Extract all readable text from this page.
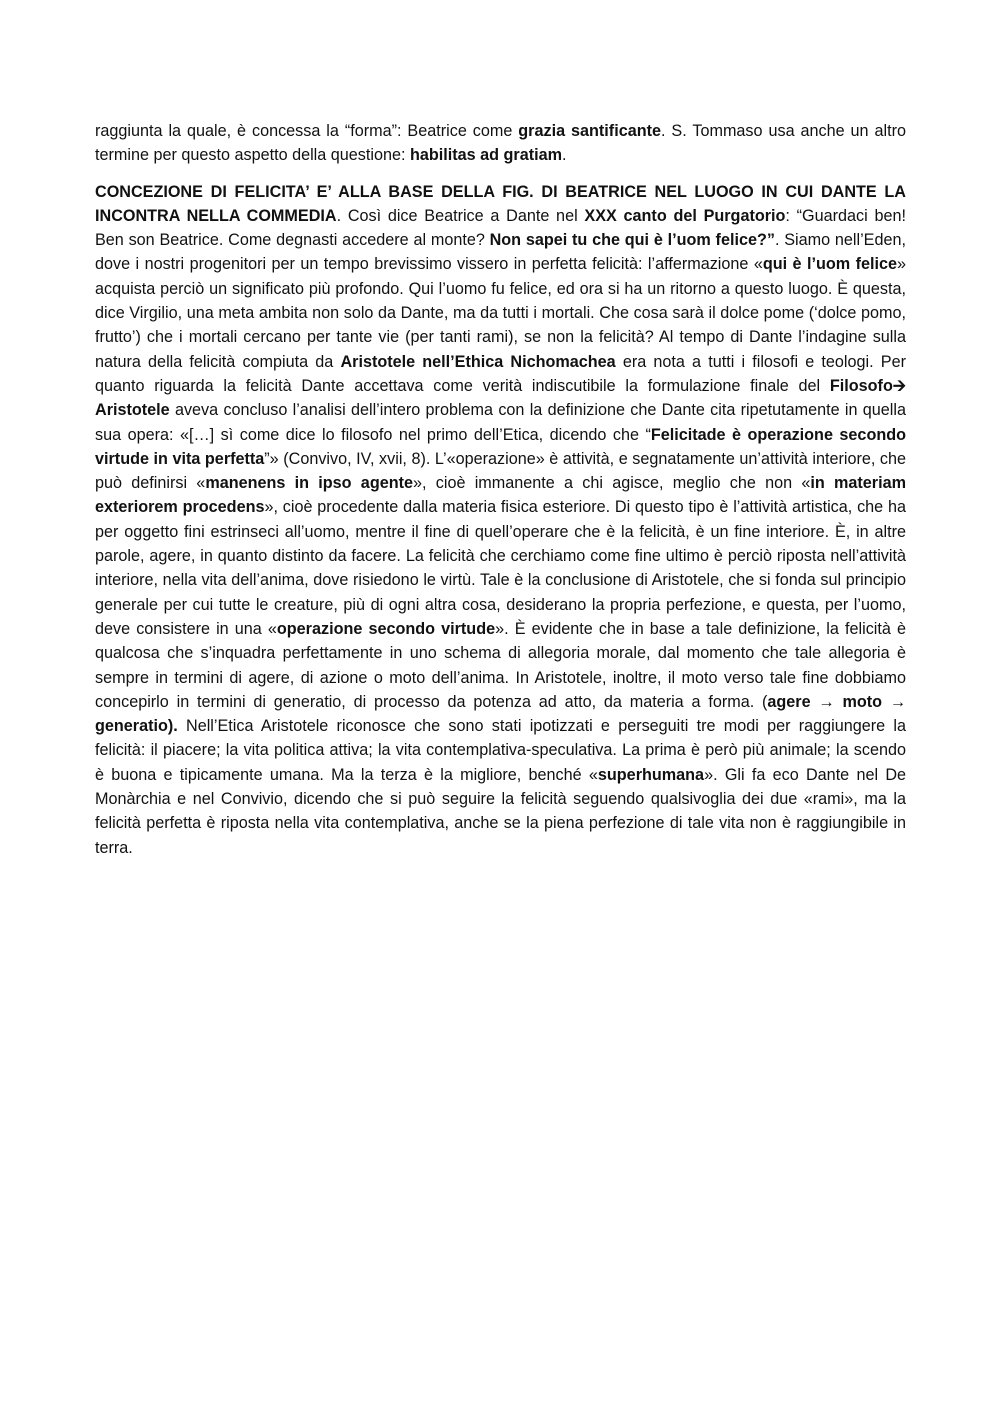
raggiunta la quale, è concessa la “forma”: Beatrice come grazia santificante. S. Tommaso usa anche un altro termine per questo aspetto della questione: habilitas ad gratiam.

CONCEZIONE DI FELICITA’ E’ ALLA BASE DELLA FIG. DI BEATRICE NEL LUOGO IN CUI DANTE LA INCONTRA NELLA COMMEDIA. Così dice Beatrice a Dante nel XXX canto del Purgatorio: “Guardaci ben! Ben son Beatrice. Come degnasti accedere al monte? Non sapei tu che qui è l’uom felice?”. Siamo nell’Eden, dove i nostri progenitori per un tempo brevissimo vissero in perfetta felicità: l’affermazione «qui è l’uom felice» acquista perciò un significato più profondo. Qui l’uomo fu felice, ed ora si ha un ritorno a questo luogo. È questa, dice Virgilio, una meta ambita non solo da Dante, ma da tutti i mortali. Che cosa sarà il dolce pome (‘dolce pomo, frutto’) che i mortali cercano per tante vie (per tanti rami), se non la felicità? Al tempo di Dante l’indagine sulla natura della felicità compiuta da Aristotele nell’Ethica Nichomachea era nota a tutti i filosofi e teologi. Per quanto riguarda la felicità Dante accettava come verità indiscutibile la formulazione finale del Filosofo🡪 Aristotele aveva concluso l’analisi dell’intero problema con la definizione che Dante cita ripetutamente in quella sua opera: «[…] sì come dice lo filosofo nel primo dell’Etica, dicendo che “Felicitade è operazione secondo virtude in vita perfetta”» (Convivo, IV, xvii, 8). L’«operazione» è attività, e segnatamente un’attività interiore, che può definirsi «manenens in ipso agente», cioè immanente a chi agisce, meglio che non «in materiam exteriorem procedens», cioè procedente dalla materia fisica esteriore. Di questo tipo è l’attività artistica, che ha per oggetto fini estrinseci all’uomo, mentre il fine di quell’operare che è la felicità, è un fine interiore. È, in altre parole, agere, in quanto distinto da facere. La felicità che cerchiamo come fine ultimo è perciò riposta nell’attività interiore, nella vita dell’anima, dove risiedono le virtù. Tale è la conclusione di Aristotele, che si fonda sul principio generale per cui tutte le creature, più di ogni altra cosa, desiderano la propria perfezione, e questa, per l’uomo, deve consistere in una «operazione secondo virtude». È evidente che in base a tale definizione, la felicità è qualcosa che s’inquadra perfettamente in uno schema di allegoria morale, dal momento che tale allegoria è sempre in termini di agere, di azione o moto dell’anima. In Aristotele, inoltre, il moto verso tale fine dobbiamo concepirlo in termini di generatio, di processo da potenza ad atto, da materia a forma. (agere → moto → generatio). Nell’Etica Aristotele riconosce che sono stati ipotizzati e perseguiti tre modi per raggiungere la felicità: il piacere; la vita politica attiva; la vita contemplativa-speculativa. La prima è però più animale; la scendo è buona e tipicamente umana. Ma la terza è la migliore, benché «superhumana». Gli fa eco Dante nel De Monàrchia e nel Convivio, dicendo che si può seguire la felicità seguendo qualsivoglia dei due «rami», ma la felicità perfetta è riposta nella vita contemplativa, anche se la piena perfezione di tale vita non è raggiungibile in terra.
